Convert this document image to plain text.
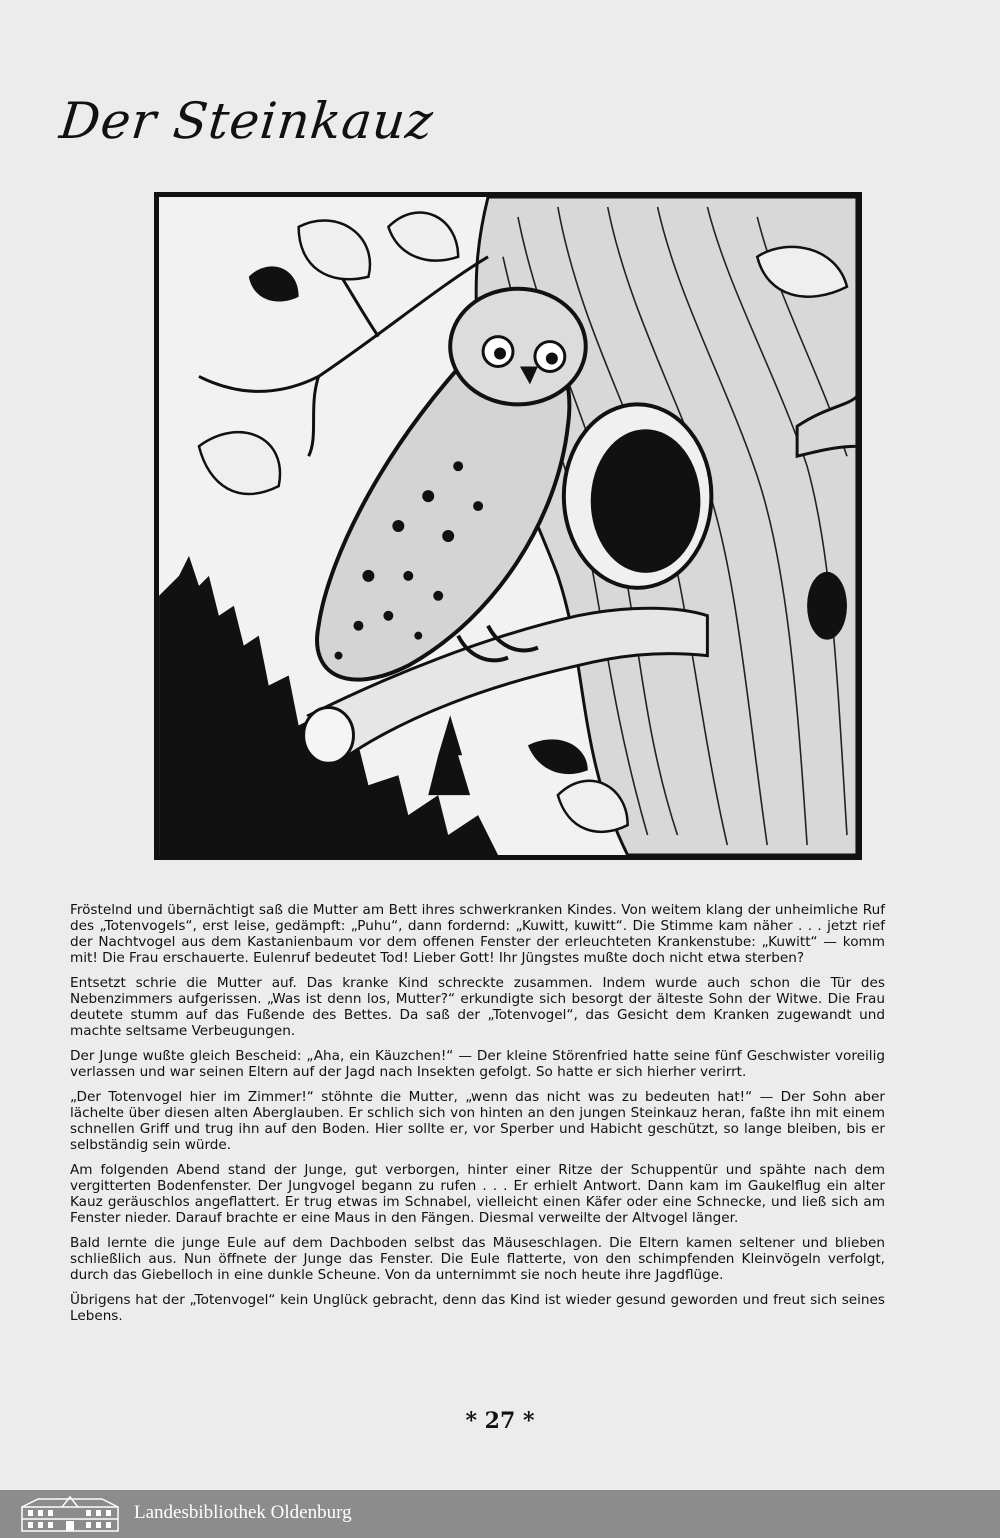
Der Steinkauz

Fröstelnd und übernächtigt saß die Mutter am Bett ihres schwerkranken Kindes. Von weitem klang der unheimliche Ruf des „Totenvogels“, erst leise, gedämpft: „Puhu“, dann fordernd: „Kuwitt, kuwitt“. Die Stimme kam näher . . . jetzt rief der Nachtvogel aus dem Kastanienbaum vor dem offenen Fenster der erleuchteten Krankenstube: „Kuwitt“ — komm mit! Die Frau erschauerte. Eulenruf bedeutet Tod! Lieber Gott! Ihr Jüngstes mußte doch nicht etwa sterben?

Entsetzt schrie die Mutter auf. Das kranke Kind schreckte zusammen. Indem wurde auch schon die Tür des Nebenzimmers aufgerissen. „Was ist denn los, Mutter?“ erkundigte sich besorgt der älteste Sohn der Witwe. Die Frau deutete stumm auf das Fußende des Bettes. Da saß der „Totenvogel“, das Gesicht dem Kranken zugewandt und machte seltsame Verbeugungen.

Der Junge wußte gleich Bescheid: „Aha, ein Käuzchen!“ — Der kleine Störenfried hatte seine fünf Geschwister voreilig verlassen und war seinen Eltern auf der Jagd nach Insekten gefolgt. So hatte er sich hierher verirrt.

„Der Totenvogel hier im Zimmer!“ stöhnte die Mutter, „wenn das nicht was zu bedeuten hat!“ — Der Sohn aber lächelte über diesen alten Aberglauben. Er schlich sich von hinten an den jungen Steinkauz heran, faßte ihn mit einem schnellen Griff und trug ihn auf den Boden. Hier sollte er, vor Sperber und Habicht geschützt, so lange bleiben, bis er selbständig sein würde.

Am folgenden Abend stand der Junge, gut verborgen, hinter einer Ritze der Schuppentür und spähte nach dem vergitterten Bodenfenster. Der Jungvogel begann zu rufen . . . Er erhielt Antwort. Dann kam im Gaukelflug ein alter Kauz geräuschlos angeflattert. Er trug etwas im Schnabel, vielleicht einen Käfer oder eine Schnecke, und ließ sich am Fenster nieder. Darauf brachte er eine Maus in den Fängen. Diesmal verweilte der Altvogel länger.

Bald lernte die junge Eule auf dem Dachboden selbst das Mäuseschlagen. Die Eltern kamen seltener und blieben schließlich aus. Nun öffnete der Junge das Fenster. Die Eule flatterte, von den schimpfenden Kleinvögeln verfolgt, durch das Giebelloch in eine dunkle Scheune. Von da unternimmt sie noch heute ihre Jagdflüge.

Übrigens hat der „Totenvogel“ kein Unglück gebracht, denn das Kind ist wieder gesund geworden und freut sich seines Lebens.

* 27 *
Landesbibliothek Oldenburg
